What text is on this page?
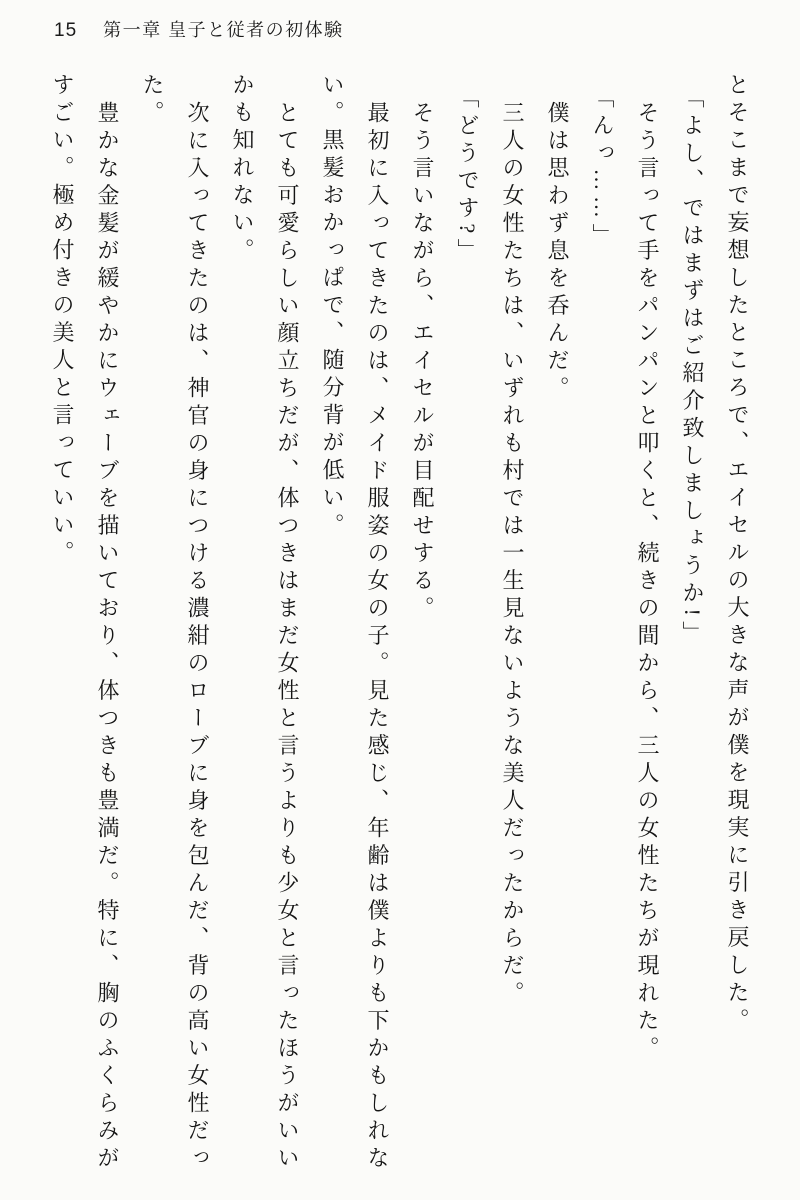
15 第一章 皇子と従者の初体験

とそこまで妄想したところで、エイセルの大きな声が僕を現実に引き戻した。

「よし、ではまずはご紹介致しましょうか!」

そう言って手をパンパンと叩くと、続きの間から、三人の女性たちが現れた。

「んっ……」

僕は思わず息を呑んだ。

三人の女性たちは、いずれも村では一生見ないような美人だったからだ。

「どうです?」

そう言いながら、エイセルが目配せする。

最初に入ってきたのは、メイド服姿の女の子。見た感じ、年齢は僕よりも下かもしれない。黒髪おかっぱで、随分背が低い。

とても可愛らしい顔立ちだが、体つきはまだ女性と言うよりも少女と言ったほうがいいかも知れない。

次に入ってきたのは、神官の身につける濃紺のローブに身を包んだ、背の高い女性だった。

豊かな金髪が緩やかにウェーブを描いており、体つきも豊満だ。特に、胸のふくらみがすごい。極め付きの美人と言っていい。
